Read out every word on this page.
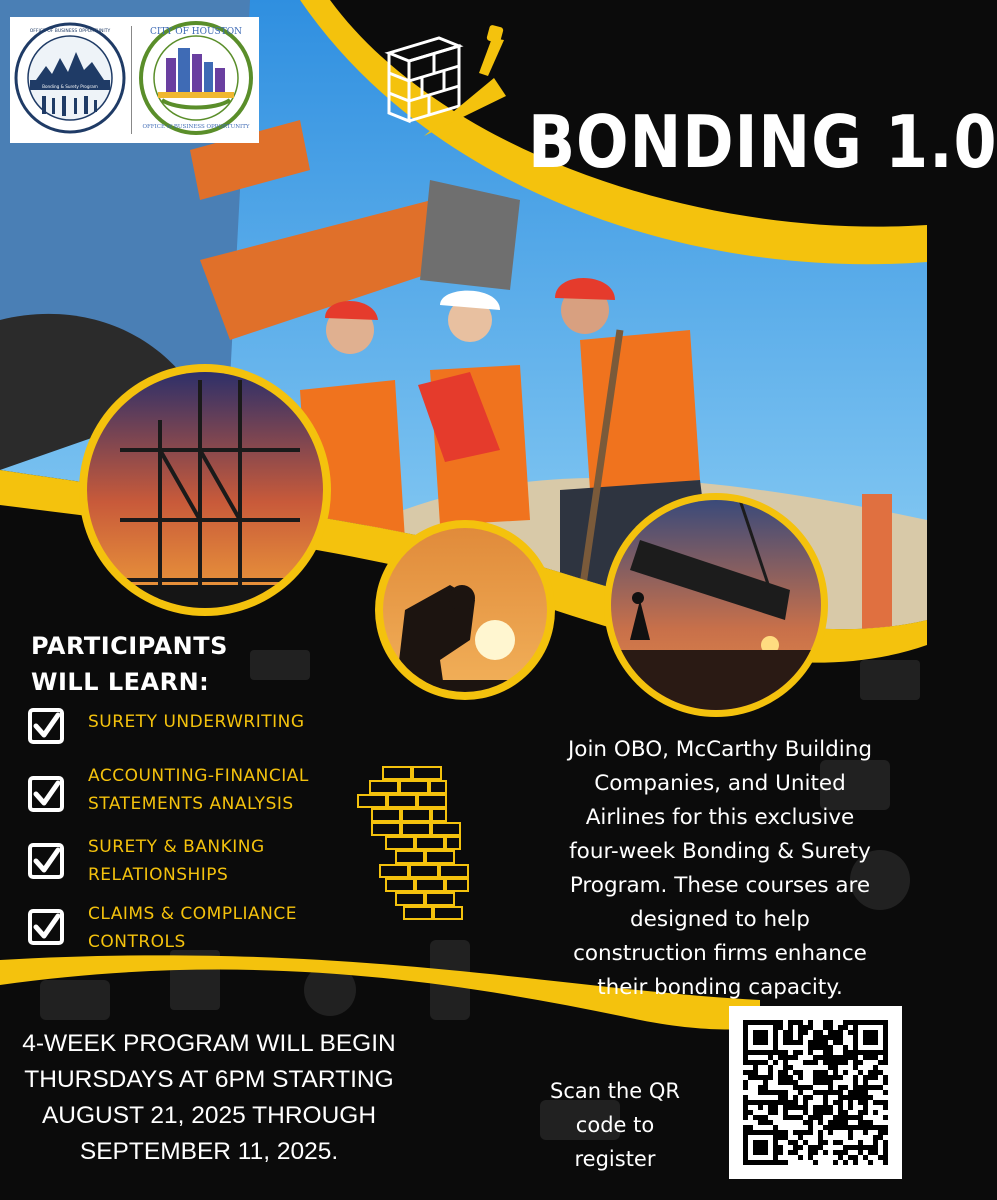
Bonding & Surety Program
OFFICE OF BUSINESS OPPORTUNITY	CITY OF HOUSTON
OFFICE of BUSINESS OPPORTUNITY	BONDING 1.0
PARTICIPANTS
WILL LEARN:
SURETY UNDERWRITING
ACCOUNTING-FINANCIAL
STATEMENTS ANALYSIS
SURETY & BANKING
RELATIONSHIPS
CLAIMS & COMPLIANCE
CONTROLS
Join OBO, McCarthy Building
Companies, and United
Airlines for this exclusive
four-week Bonding & Surety
Program. These courses are
designed to help
construction firms enhance
their bonding capacity.
4-WEEK PROGRAM WILL BEGIN
THURSDAYS AT 6PM STARTING
AUGUST 21, 2025 THROUGH
SEPTEMBER 11, 2025.
Scan the QR
code to
register
